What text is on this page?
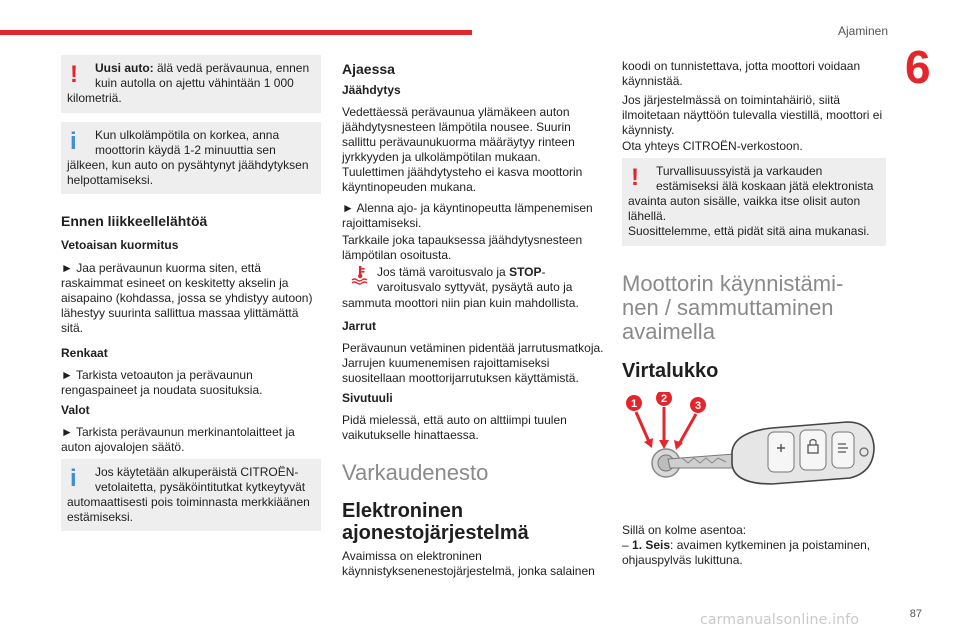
Ajaminen
6
87
carmanualsonline.info
!	Uusi auto: älä vedä perävaunua, ennen kuin autolla on ajettu vähintään 1 000

kilometriä.

i	Kun ulkolämpötila on korkea, anna moottorin käydä 1-2 minuuttia sen

jälkeen, kun auto on pysähtynyt jäähdytyksen helpottamiseksi.

Ennen liikkeellelähtöä
Vetoaisan kuormitus
► Jaa perävaunun kuorma siten, että raskaimmat esineet on keskitetty akselin ja aisapaino (kohdassa, jossa se yhdistyy autoon) lähestyy suurinta sallittua massaa ylittämättä sitä.
Renkaat
► Tarkista vetoauton ja perävaunun rengaspaineet ja noudata suosituksia.
Valot
► Tarkista perävaunun merkinantolaitteet ja auton ajovalojen säätö.
i	Jos käytetään alkuperäistä CITROËN-vetolaitetta, pysäköintitutkat kytkeytyvät

automaattisesti pois toiminnasta merkkiäänen estämiseksi.

Ajaessa
Jäähdytys
Vedettäessä perävaunua ylämäkeen auton jäähdytysnesteen lämpötila nousee. Suurin sallittu perävaunukuorma määräytyy rinteen jyrkkyyden ja ulkolämpötilan mukaan. Tuulettimen jäähdytysteho ei kasva moottorin käyntinopeuden mukana.
► Alenna ajo- ja käyntinopeutta lämpenemisen rajoittamiseksi.
Tarkkaile joka tapauksessa jäähdytysnesteen lämpötilan osoitusta.
Jos tämä varoitusvalo ja STOP-varoitusvalo syttyvät, pysäytä auto ja
sammuta moottori niin pian kuin mahdollista.
Jarrut
Perävaunun vetäminen pidentää jarrutusmatkoja. Jarrujen kuumenemisen rajoittamiseksi suositellaan moottorijarrutuksen käyttämistä.
Sivutuuli
Pidä mielessä, että auto on alttiimpi tuulen vaikutukselle hinattaessa.
Varkaudenesto
Elektroninen ajonestojärjestelmä
Avaimissa on elektroninen käynnistyksenenestojärjestelmä, jonka salainen
koodi on tunnistettava, jotta moottori voidaan käynnistää.
Jos järjestelmässä on toimintahäiriö, siitä ilmoitetaan näyttöön tulevalla viestillä, moottori ei käynnisty.
Ota yhteys CITROËN-verkostoon.
!	Turvallisuussyistä ja varkauden estämiseksi älä koskaan jätä elektronista

avainta auton sisälle, vaikka itse olisit auton lähellä.

Suosittelemme, että pidät sitä aina mukanasi.

Moottorin käynnistämi-
nen / sammuttaminen
avaimella
Virtalukko
1 2
3
Sillä on kolme asentoa:
– 1. Seis: avaimen kytkeminen ja poistaminen, ohjauspylväs lukittuna.
